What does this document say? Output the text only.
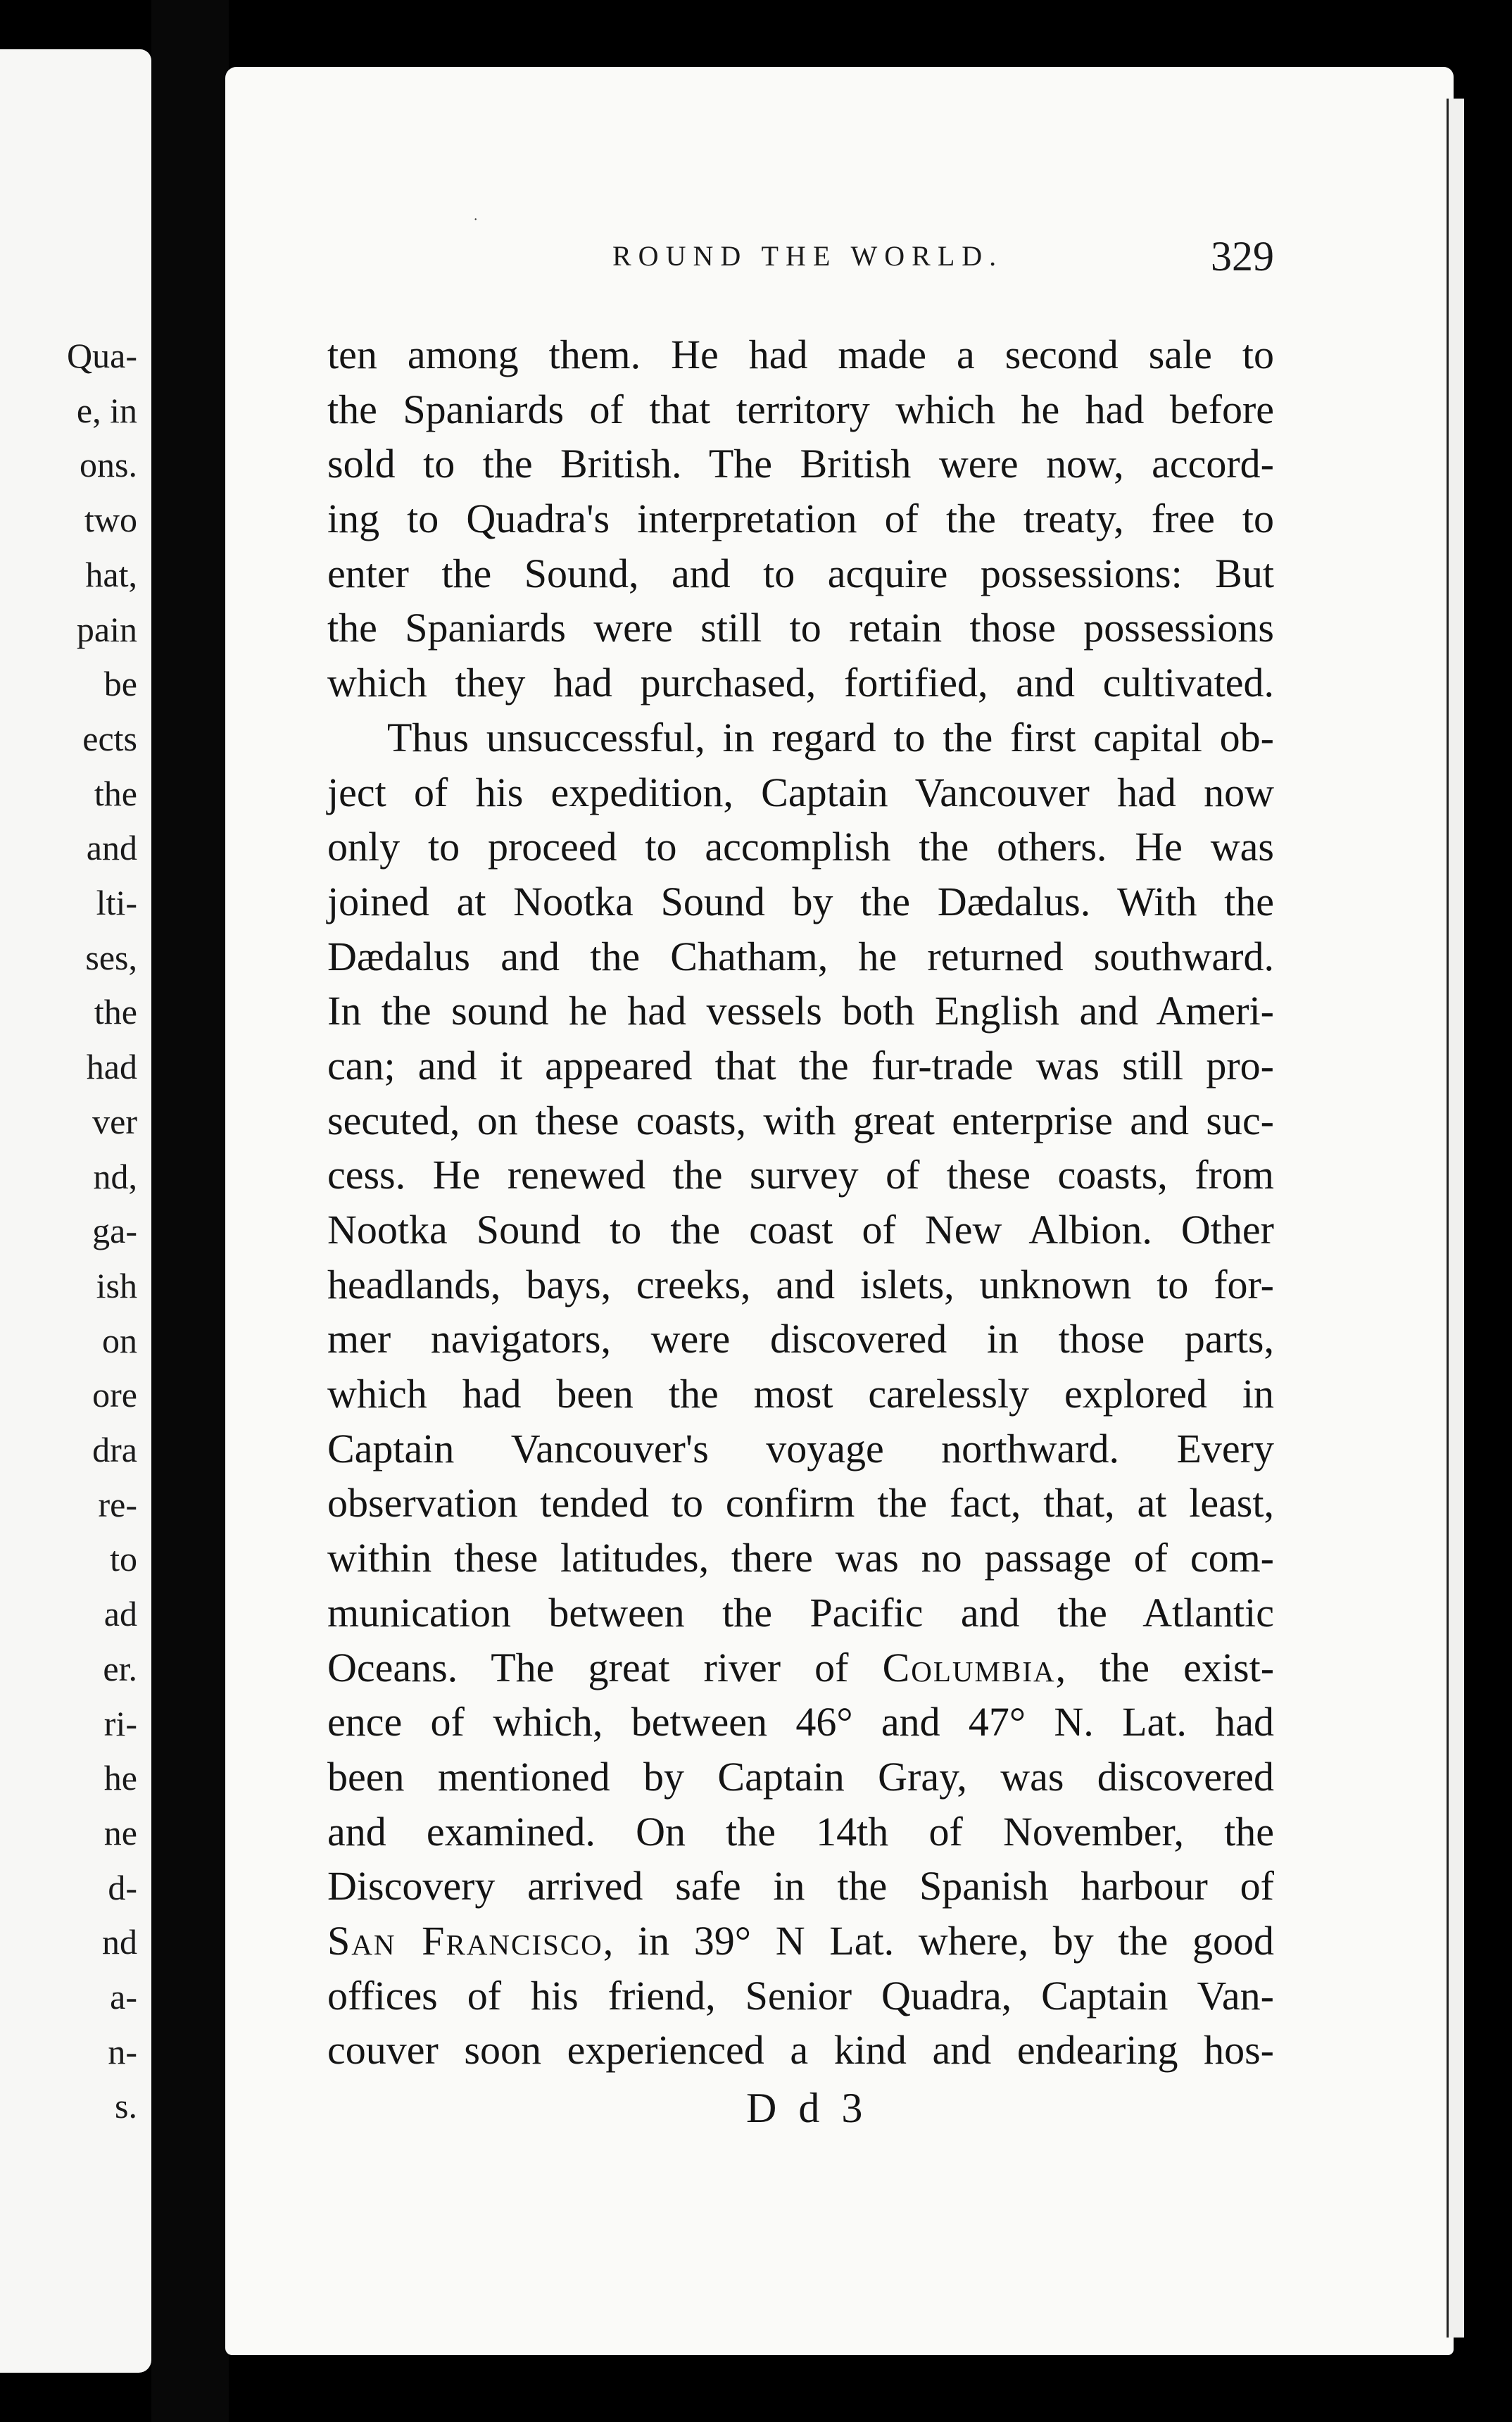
Qua-
e, in
ons.
two
hat,
pain
be
ects
the
and
lti-
ses,
the
had
ver
nd,
ga-
ish
on
ore
dra
re-
to
ad
er.
ri-
he
ne
d-
nd
a-
n-
s.
˙
ROUND THE WORLD.	329
ten among them. He had made a second sale to
the Spaniards of that territory which he had before
sold to the British. The British were now, accord-
ing to Quadra's interpretation of the treaty, free to
enter the Sound, and to acquire possessions: But
the Spaniards were still to retain those possessions
which they had purchased, fortified, and cultivated.
Thus unsuccessful, in regard to the first capital ob-
ject of his expedition, Captain Vancouver had now
only to proceed to accomplish the others. He was
joined at Nootka Sound by the Dædalus. With the
Dædalus and the Chatham, he returned southward.
In the sound he had vessels both English and Ameri-
can; and it appeared that the fur-trade was still pro-
secuted, on these coasts, with great enterprise and suc-
cess. He renewed the survey of these coasts, from
Nootka Sound to the coast of New Albion. Other
headlands, bays, creeks, and islets, unknown to for-
mer navigators, were discovered in those parts,
which had been the most carelessly explored in
Captain Vancouver's voyage northward. Every
observation tended to confirm the fact, that, at least,
within these latitudes, there was no passage of com-
munication between the Pacific and the Atlantic
Oceans. The great river of Columbia, the exist-
ence of which, between 46° and 47° N. Lat. had
been mentioned by Captain Gray, was discovered
and examined. On the 14th of November, the
Discovery arrived safe in the Spanish harbour of
San Francisco, in 39° N Lat. where, by the good
offices of his friend, Senior Quadra, Captain Van-
couver soon experienced a kind and endearing hos-
D d 3
